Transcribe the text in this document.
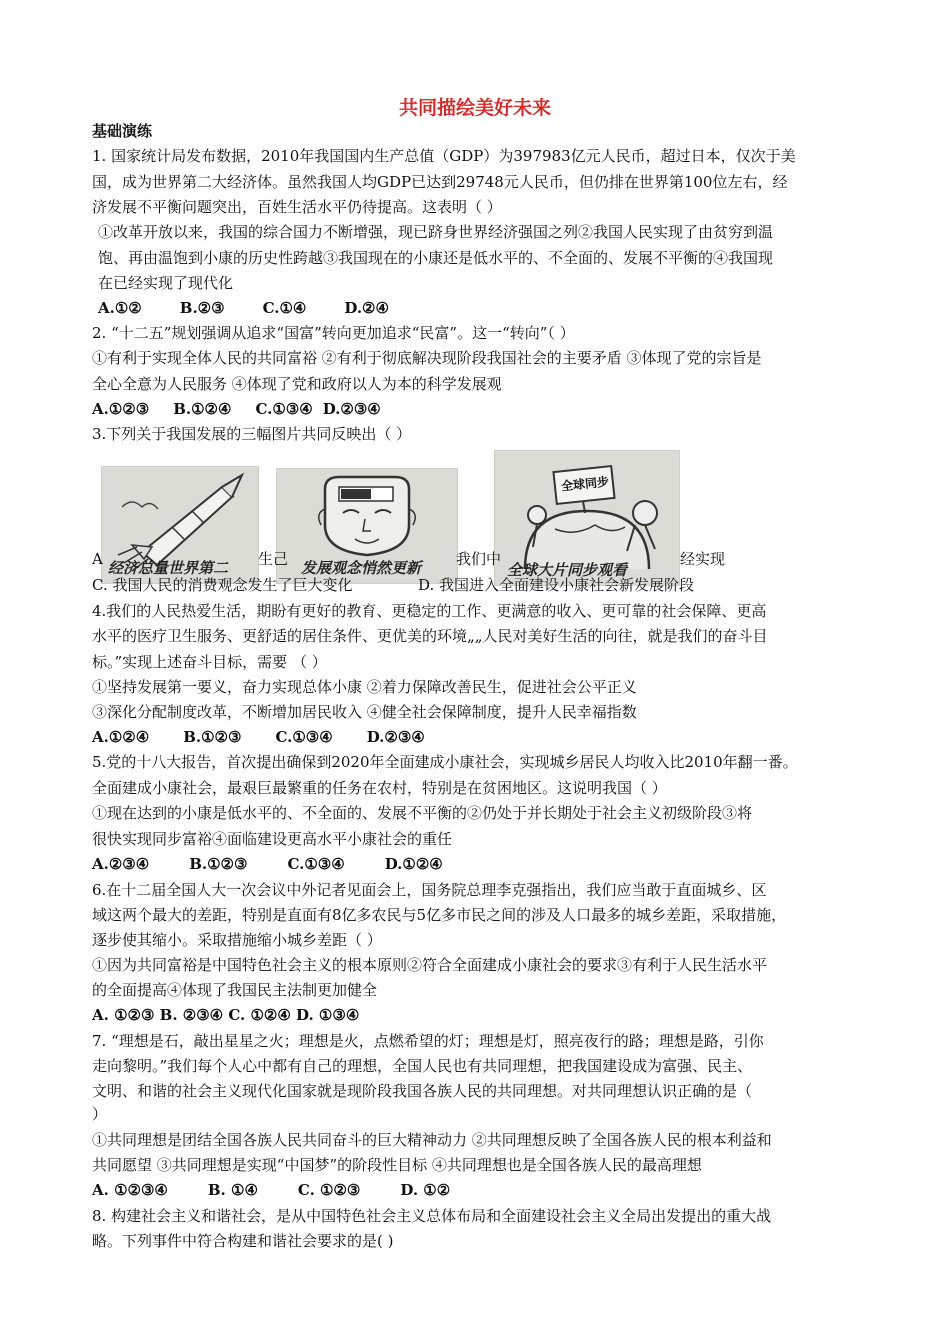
共同描绘美好未来
基础演练
1. 国家统计局发布数据，2010年我国国内生产总值（GDP）为397983亿元人民币，超过日本，仅次于美
国，成为世界第二大经济体。虽然我国人均GDP已达到29748元人民币，但仍排在世界第100位左右，经
济发展不平衡问题突出，百姓生活水平仍待提高。这表明（ ）
①改革开放以来，我国的综合国力不断增强，现已跻身世界经济强国之列②我国人民实现了由贫穷到温
饱、再由温饱到小康的历史性跨越③我国现在的小康还是低水平的、不全面的、发展不平衡的④我国现
在已经实现了现代化
A.①②	B.②③	C.①④	D.②④
2. “十二五”规划强调从追求“国富”转向更加追求“民富”。这一“转向”（ ）
①有利于实现全体人民的共同富裕 ②有利于彻底解决现阶段我国社会的主要矛盾 ③体现了党的宗旨是
全心全意为人民服务 ④体现了党和政府以人为本的科学发展观
A.①②③ B.①②④ C.①③④ D.②③④
3.下列关于我国发展的三幅图片共同反映出（ ）
经济总量世界第二	发展观念悄然更新
全球同步
全球大片同步观看
A	生己	我们中	经实现
C. 我国人民的消费观念发生了巨大变化	D. 我国进入全面建设小康社会新发展阶段
4.我们的人民热爱生活，期盼有更好的教育、更稳定的工作、更满意的收入、更可靠的社会保障、更高
水平的医疗卫生服务、更舒适的居住条件、更优美的环境„„人民对美好生活的向往，就是我们的奋斗目
标。”实现上述奋斗目标，需要 （ ）
①坚持发展第一要义，奋力实现总体小康 ②着力保障改善民生，促进社会公平正义
③深化分配制度改革，不断增加居民收入 ④健全社会保障制度，提升人民幸福指数
A.①②④ B.①②③ C.①③④ D.②③④
5.党的十八大报告，首次提出确保到2020年全面建成小康社会，实现城乡居民人均收入比2010年翻一番。
全面建成小康社会，最艰巨最繁重的任务在农村，特别是在贫困地区。这说明我国（ ）
①现在达到的小康是低水平的、不全面的、发展不平衡的②仍处于并长期处于社会主义初级阶段③将
很快实现同步富裕④面临建设更高水平小康社会的重任
A.②③④	B.①②③	C.①③④	D.①②④
6.在十二届全国人大一次会议中外记者见面会上，国务院总理李克强指出，我们应当敢于直面城乡、区
域这两个最大的差距，特别是直面有8亿多农民与5亿多市民之间的涉及人口最多的城乡差距，采取措施，
逐步使其缩小。采取措施缩小城乡差距（ ）
①因为共同富裕是中国特色社会主义的根本原则②符合全面建成小康社会的要求③有利于人民生活水平
的全面提高④体现了我国民主法制更加健全
A. ①②③ B. ②③④ C. ①②④ D. ①③④
7. “理想是石，敲出星星之火；理想是火，点燃希望的灯；理想是灯，照亮夜行的路；理想是路，引你
走向黎明。”我们每个人心中都有自己的理想，全国人民也有共同理想，把我国建设成为富强、民主、
文明、和谐的社会主义现代化国家就是现阶段我国各族人民的共同理想。对共同理想认识正确的是（
）
①共同理想是团结全国各族人民共同奋斗的巨大精神动力 ②共同理想反映了全国各族人民的根本利益和
共同愿望 ③共同理想是实现“中国梦”的阶段性目标 ④共同理想也是全国各族人民的最高理想
A. ①②③④	B. ①④	C. ①②③	D. ①②
8. 构建社会主义和谐社会，是从中国特色社会主义总体布局和全面建设社会主义全局出发提出的重大战
略。下列事件中符合构建和谐社会要求的是( )
